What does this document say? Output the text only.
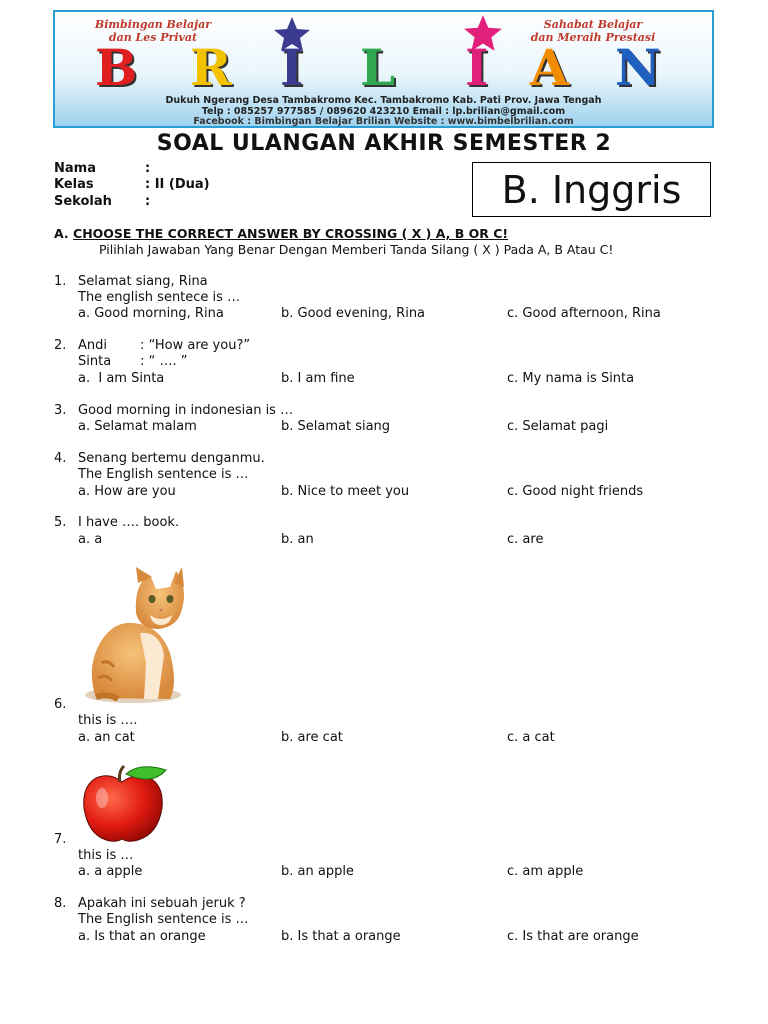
Bimbingan Belajar
dan Les Privat
Sahabat Belajar
dan Meraih Prestasi
B R I L I A N
Dukuh Ngerang Desa Tambakromo Kec. Tambakromo Kab. Pati Prov. Jawa Tengah
Telp : 085257 977585 / 089620 423210 Email : lp.brilian@gmail.com
Facebook : Bimbingan Belajar Brilian Website : www.bimbelbrilian.com
SOAL ULANGAN AKHIR SEMESTER 2
Nama	:
Kelas	: II (Dua)
Sekolah	:	B. Inggris
A. CHOOSE THE CORRECT ANSWER BY CROSSING ( X ) A, B OR C!
Pilihlah Jawaban Yang Benar Dengan Memberi Tanda Silang ( X ) Pada A, B Atau C!
1. Selamat siang, Rina
The english sentece is …
a. Good morning, Rina	b. Good evening, Rina	c. Good afternoon, Rina
2. Andi        : “How are you?”
Sinta       : “ …. ”
a.  I am Sinta	b. I am fine	c. My nama is Sinta
3. Good morning in indonesian is …
a. Selamat malam	b. Selamat siang	c. Selamat pagi
4. Senang bertemu denganmu.
The English sentence is …
a. How are you	b. Nice to meet you	c. Good night friends
5. I have …. book.
a. a	b. an	c. are
6.
this is ….
a. an cat	b. are cat	c. a cat
7.
this is …
a. a apple	b. an apple	c. am apple
8. Apakah ini sebuah jeruk ?
The English sentence is …
a. Is that an orange	b. Is that a orange	c. Is that are orange
